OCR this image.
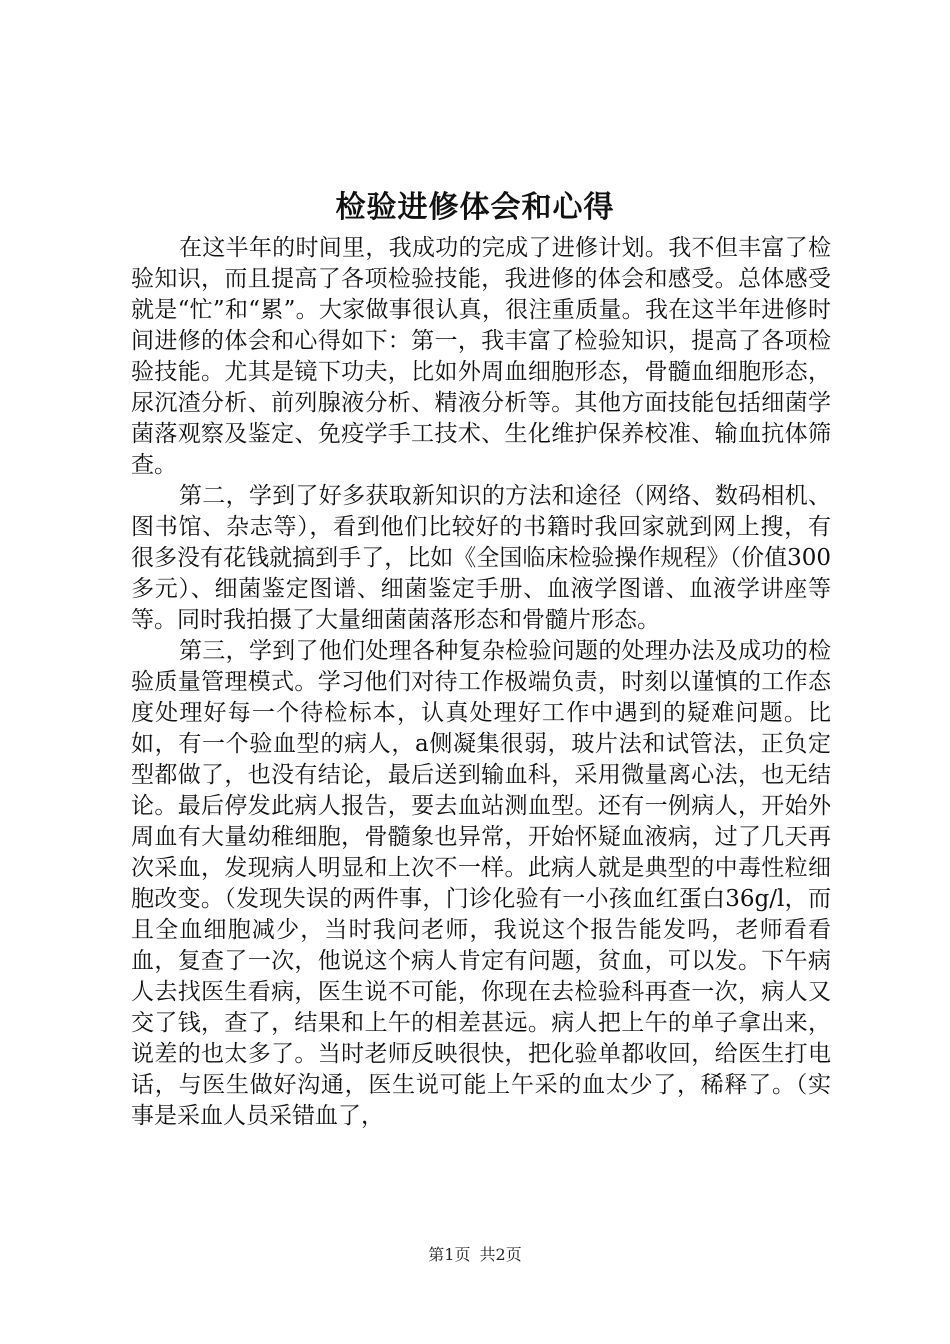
检验进修体会和心得

在这半年的时间里，我成功的完成了进修计划。我不但丰富了检验知识，而且提高了各项检验技能，我进修的体会和感受。总体感受就是“忙”和“累”。大家做事很认真，很注重质量。我在这半年进修时间进修的体会和心得如下：第一，我丰富了检验知识，提高了各项检验技能。尤其是镜下功夫，比如外周血细胞形态，骨髓血细胞形态，尿沉渣分析、前列腺液分析、精液分析等。其他方面技能包括细菌学菌落观察及鉴定、免疫学手工技术、生化维护保养校准、输血抗体筛查。

第二，学到了好多获取新知识的方法和途径（网络、数码相机、图书馆、杂志等），看到他们比较好的书籍时我回家就到网上搜，有很多没有花钱就搞到手了，比如《全国临床检验操作规程》（价值300多元）、细菌鉴定图谱、细菌鉴定手册、血液学图谱、血液学讲座等等。同时我拍摄了大量细菌菌落形态和骨髓片形态。

第三，学到了他们处理各种复杂检验问题的处理办法及成功的检验质量管理模式。学习他们对待工作极端负责，时刻以谨慎的工作态度处理好每一个待检标本，认真处理好工作中遇到的疑难问题。比如，有一个验血型的病人，a侧凝集很弱，玻片法和试管法，正负定型都做了，也没有结论，最后送到输血科，采用微量离心法，也无结论。最后停发此病人报告，要去血站测血型。还有一例病人，开始外周血有大量幼稚细胞，骨髓象也异常，开始怀疑血液病，过了几天再次采血，发现病人明显和上次不一样。此病人就是典型的中毒性粒细胞改变。（发现失误的两件事，门诊化验有一小孩血红蛋白36g/l，而且全血细胞减少，当时我问老师，我说这个报告能发吗，老师看看血，复查了一次，他说这个病人肯定有问题，贫血，可以发。下午病人去找医生看病，医生说不可能，你现在去检验科再查一次，病人又交了钱，查了，结果和上午的相差甚远。病人把上午的单子拿出来，说差的也太多了。当时老师反映很快，把化验单都收回，给医生打电话，与医生做好沟通，医生说可能上午采的血太少了，稀释了。（实事是采血人员采错血了，

第1页 共2页
